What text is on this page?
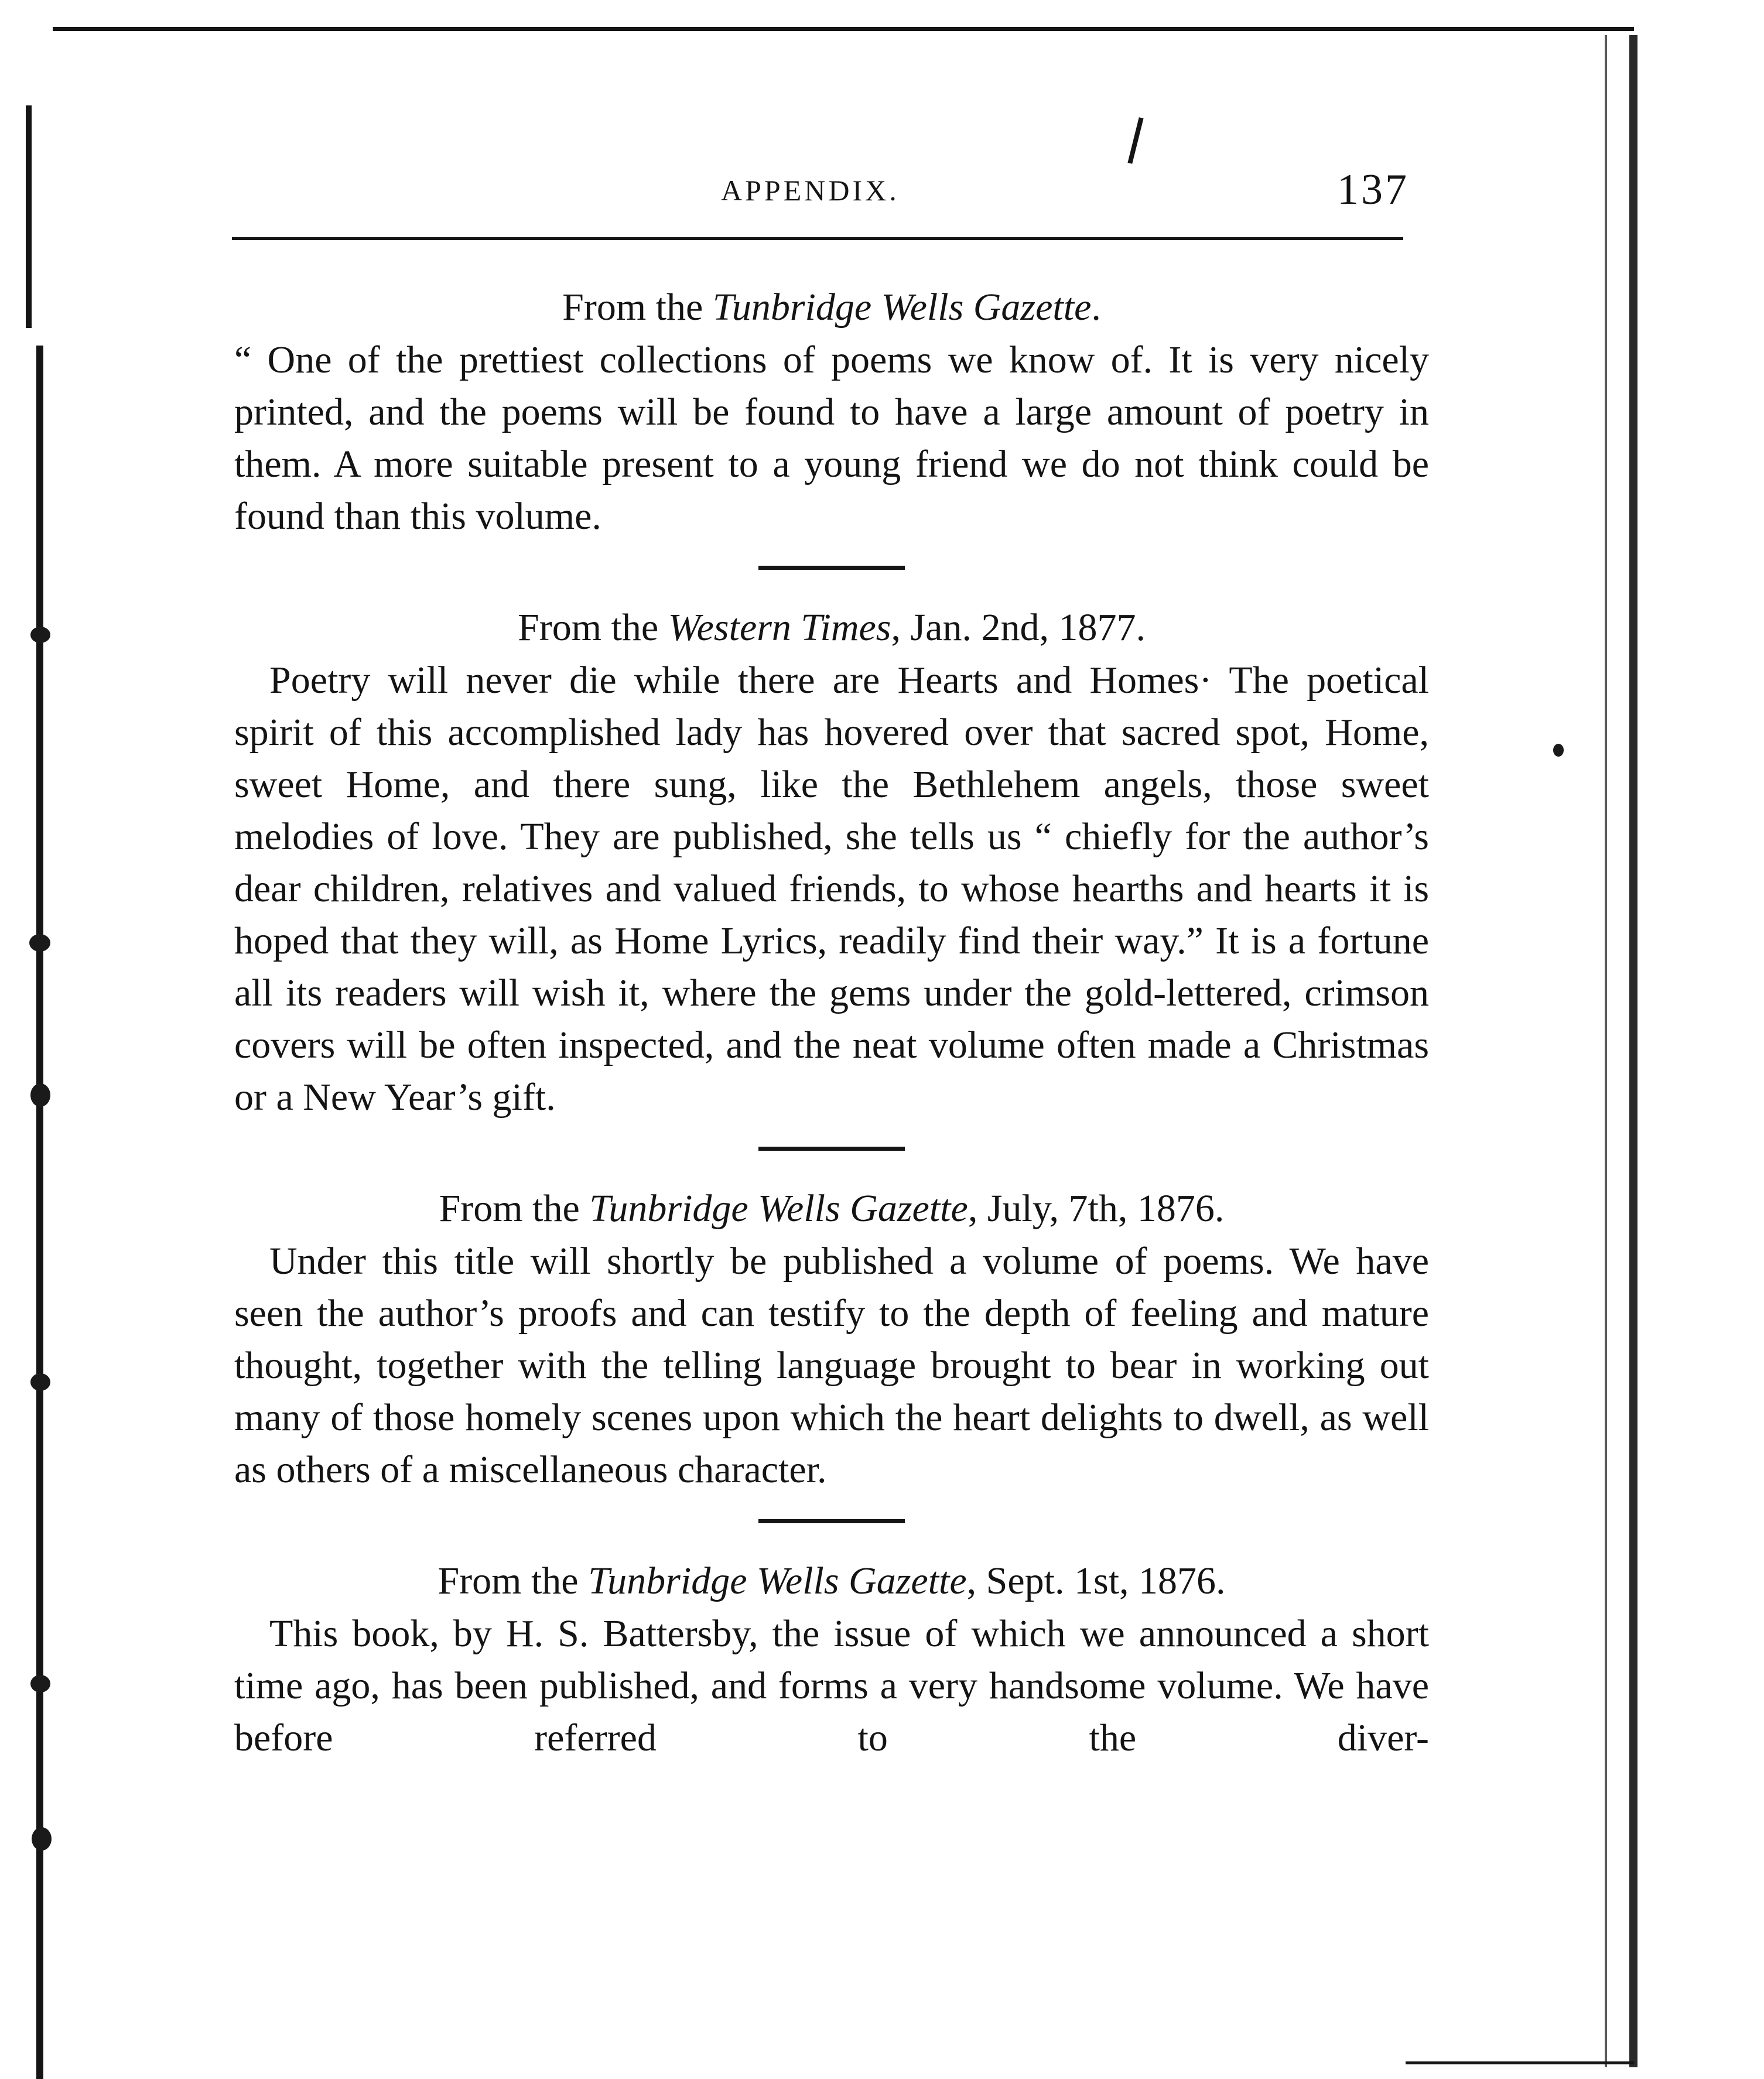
APPENDIX.	137

From the Tunbridge Wells Gazette.

“ One of the prettiest collections of poems we know of. It is very nicely printed, and the poems will be found to have a large amount of poetry in them. A more suitable present to a young friend we do not think could be found than this volume.

From the Western Times, Jan. 2nd, 1877.

Poetry will never die while there are Hearts and Homes· The poetical spirit of this accomplished lady has hovered over that sacred spot, Home, sweet Home, and there sung, like the Bethlehem angels, those sweet melodies of love. They are published, she tells us “ chiefly for the author’s dear children, relatives and valued friends, to whose hearths and hearts it is hoped that they will, as Home Lyrics, readily find their way.” It is a fortune all its readers will wish it, where the gems under the gold-lettered, crimson covers will be often inspected, and the neat volume often made a Christmas or a New Year’s gift.

From the Tunbridge Wells Gazette, July, 7th, 1876.

Under this title will shortly be published a volume of poems. We have seen the author’s proofs and can testify to the depth of feeling and mature thought, together with the telling language brought to bear in working out many of those homely scenes upon which the heart delights to dwell, as well as others of a miscellaneous character.

From the Tunbridge Wells Gazette, Sept. 1st, 1876.

This book, by H. S. Battersby, the issue of which we announced a short time ago, has been published, and forms a very handsome volume. We have before referred to the diver-
